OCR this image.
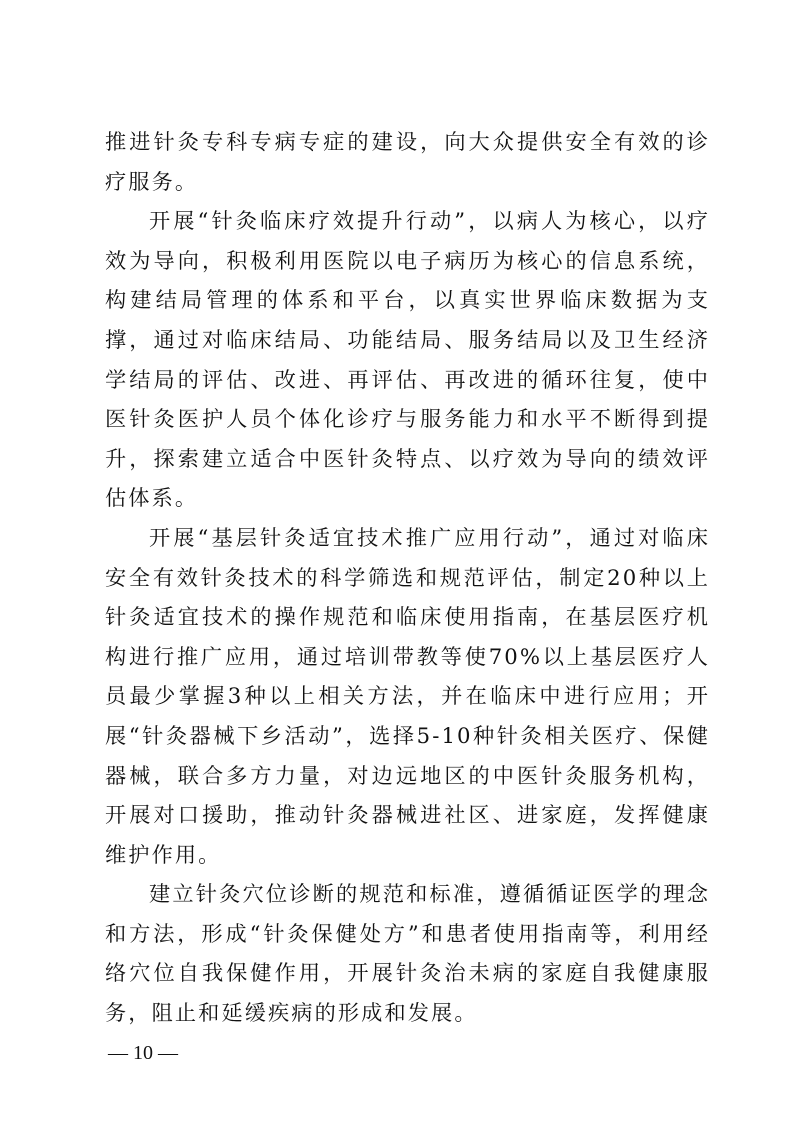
推进针灸专科专病专症的建设，向大众提供安全有效的诊疗服务。

开展“针灸临床疗效提升行动”，以病人为核心，以疗效为导向，积极利用医院以电子病历为核心的信息系统，构建结局管理的体系和平台，以真实世界临床数据为支撑，通过对临床结局、功能结局、服务结局以及卫生经济学结局的评估、改进、再评估、再改进的循环往复，使中医针灸医护人员个体化诊疗与服务能力和水平不断得到提升，探索建立适合中医针灸特点、以疗效为导向的绩效评估体系。

开展“基层针灸适宜技术推广应用行动”，通过对临床安全有效针灸技术的科学筛选和规范评估，制定20种以上针灸适宜技术的操作规范和临床使用指南，在基层医疗机构进行推广应用，通过培训带教等使70%以上基层医疗人员最少掌握3种以上相关方法，并在临床中进行应用；开展“针灸器械下乡活动”，选择5-10种针灸相关医疗、保健器械，联合多方力量，对边远地区的中医针灸服务机构，开展对口援助，推动针灸器械进社区、进家庭，发挥健康维护作用。

建立针灸穴位诊断的规范和标准，遵循循证医学的理念和方法，形成“针灸保健处方”和患者使用指南等，利用经络穴位自我保健作用，开展针灸治未病的家庭自我健康服务，阻止和延缓疾病的形成和发展。

— 10 —
